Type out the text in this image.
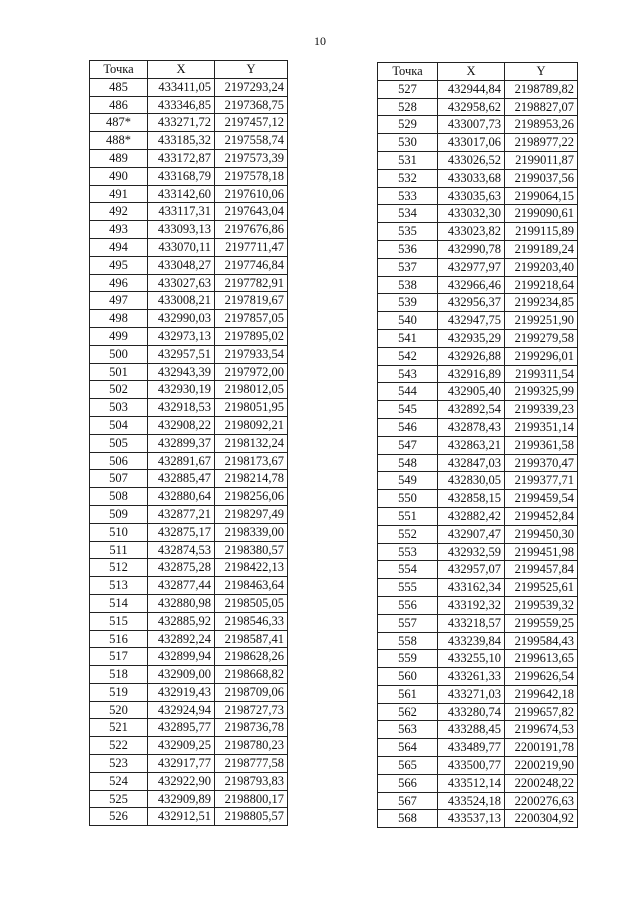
10
Точка	X	Y
485	433411,05	2197293,24
486	433346,85	2197368,75
487*	433271,72	2197457,12
488*	433185,32	2197558,74
489	433172,87	2197573,39
490	433168,79	2197578,18
491	433142,60	2197610,06
492	433117,31	2197643,04
493	433093,13	2197676,86
494	433070,11	2197711,47
495	433048,27	2197746,84
496	433027,63	2197782,91
497	433008,21	2197819,67
498	432990,03	2197857,05
499	432973,13	2197895,02
500	432957,51	2197933,54
501	432943,39	2197972,00
502	432930,19	2198012,05
503	432918,53	2198051,95
504	432908,22	2198092,21
505	432899,37	2198132,24
506	432891,67	2198173,67
507	432885,47	2198214,78
508	432880,64	2198256,06
509	432877,21	2198297,49
510	432875,17	2198339,00
511	432874,53	2198380,57
512	432875,28	2198422,13
513	432877,44	2198463,64
514	432880,98	2198505,05
515	432885,92	2198546,33
516	432892,24	2198587,41
517	432899,94	2198628,26
518	432909,00	2198668,82
519	432919,43	2198709,06
520	432924,94	2198727,73
521	432895,77	2198736,78
522	432909,25	2198780,23
523	432917,77	2198777,58
524	432922,90	2198793,83
525	432909,89	2198800,17
526	432912,51	2198805,57
Точка	X	Y
527	432944,84	2198789,82
528	432958,62	2198827,07
529	433007,73	2198953,26
530	433017,06	2198977,22
531	433026,52	2199011,87
532	433033,68	2199037,56
533	433035,63	2199064,15
534	433032,30	2199090,61
535	433023,82	2199115,89
536	432990,78	2199189,24
537	432977,97	2199203,40
538	432966,46	2199218,64
539	432956,37	2199234,85
540	432947,75	2199251,90
541	432935,29	2199279,58
542	432926,88	2199296,01
543	432916,89	2199311,54
544	432905,40	2199325,99
545	432892,54	2199339,23
546	432878,43	2199351,14
547	432863,21	2199361,58
548	432847,03	2199370,47
549	432830,05	2199377,71
550	432858,15	2199459,54
551	432882,42	2199452,84
552	432907,47	2199450,30
553	432932,59	2199451,98
554	432957,07	2199457,84
555	433162,34	2199525,61
556	433192,32	2199539,32
557	433218,57	2199559,25
558	433239,84	2199584,43
559	433255,10	2199613,65
560	433261,33	2199626,54
561	433271,03	2199642,18
562	433280,74	2199657,82
563	433288,45	2199674,53
564	433489,77	2200191,78
565	433500,77	2200219,90
566	433512,14	2200248,22
567	433524,18	2200276,63
568	433537,13	2200304,92
